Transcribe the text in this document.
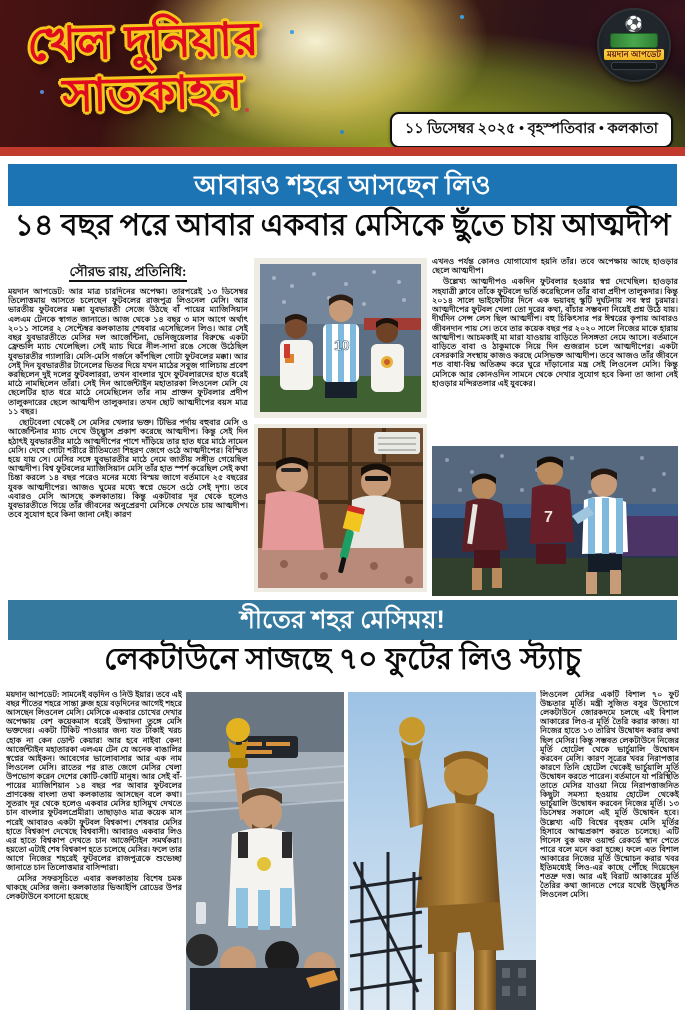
খেল দুনিয়ার
সাতকাহন
⚽
ময়দান আপডেট
১১ ডিসেম্বর ২০২৫ • বৃহস্পতিবার • কলকাতা
আবারও শহরে আসছেন লিও
১৪ বছর পরে আবার একবার মেসিকে ছুঁতে চায় আত্মদীপ
সৌরভ রায়, প্রতিনিধি:

ময়দান আপডেট: আর মাত্র চারদিনের অপেক্ষা। তারপরেই ১৩ ডিসেম্বর তিলোত্তমায় আসতে চলেছেন ফুটবলের রাজপুত্র লিওনেল মেসি। আর ভারতীয় ফুটবলের মক্কা যুবভারতী সেজে উঠছে বাঁ পায়ের ম্যাজিসিয়ান এলএম টেনকে স্বাগত জানাতে। আজ থেকে ১৪ বছর ৩ মাস আগে অর্থাৎ ২০১১ সালের ২ সেপ্টেম্বর কলকাতায় শেষবার এসেছিলেন লিও। আর সেই বছর যুবভারতীতে মেসির দল আর্জেন্টিনা, ভেনিজুয়েলার বিরুদ্ধে একটা ফ্রেন্ডলি ম্যাচ খেলেছিল। সেই ম্যাচ ঘিরে নীল-সাদা রঙে সেজে উঠেছিল যুবভারতীর গ্যালারি। মেসি-মেসি গর্জনে কাঁপছিল গোটা ফুটবলের মক্কা। আর সেই দিন যুবভারতীর টানেলের ভিতর দিয়ে যখন মাঠের সবুজ গালিচায় প্রবেশ করছিলেন দুই দলের ফুটবলাররা, তখন বাংলার খুদে ফুটবলারদের হাত ধরেই মাঠে নামছিলেন তাঁরা। সেই দিন আর্জেন্টাইন মহাতারকা লিওনেল মেসি যে ছেলেটির হাত ধরে মাঠে নেমেছিলেন তাঁর নাম প্রাক্তন ফুটবলার প্রদীপ তালুকদারের ছেলে আত্মদীপ তালুকদার। তখন ছোট আত্মদীপের বয়স মাত্র ১১ বছর।

ছোটবেলা থেকেই সে মেসির খেলার ভক্ত। টিভির পর্দায় বহুবার মেসি ও আর্জেন্টিনার ম্যাচ দেখে উচ্ছ্বাস প্রকাশ করেছে আত্মদীপ। কিন্তু সেই দিন হঠাৎই যুবভারতীর মাঠে আত্মদীপের পাশে দাঁড়িয়ে তার হাত ধরে মাঠে নামেন মেসি। দেখে গোটা শরীরে রীতিমতো শিহরণ জেগে ওঠে আত্মদীপের। বিস্মিত হয়ে যায় সে। মেসির সঙ্গে যুবভারতীর মাঠে নেমে জাতীয় সঙ্গীত গেয়েছিল আত্মদীপ। বিশ্ব ফুটবলের ম্যাজিসিয়ান মেসি তাঁর হাত স্পর্শ করেছিল সেই কথা চিন্তা করলে ১৪ বছর পরেও মনের মধ্যে বিস্ময় জাগে বর্তমানে ২৫ বছরের যুবক আত্মদীপের। আজও ঘুমের মধ্যে স্বপ্নে ভেসে ওঠে সেই দৃশ্য। তবে এবারও মেসি আসছে কলকাতায়। কিন্তু একটাবার দূর থেকে হলেও যুবভারতীতে গিয়ে তাঁর জীবনের অনুপ্রেরণা মেসিকে দেখতে চায় আত্মদীপ। তবে সুযোগ হবে কিনা জানা নেই। কারণ

10

এখনও পর্যন্ত কোনও যোগাযোগ হয়নি তাঁর। তবে অপেক্ষায় আছে হাওড়ার ছেলে আত্মদীপ।

উল্লেখ্য আত্মদীপও একদিন ফুটবলার হওয়ার স্বপ্ন দেখেছিল। হাওড়ার সহযাত্রী ক্লাবে তাঁকে ফুটবলে ভর্তি করেছিলেন তাঁর বাবা প্রদীপ তালুকদার। কিন্তু ২০১৪ সালে ভাইফোঁটার দিনে এক ভয়াবহ স্কুটি দুর্ঘটনায় সব স্বপ্ন চুরমার। আত্মদীপের ফুটবল খেলা তো দূরের কথা, বাঁচার সম্ভবনা নিয়েই প্রশ্ন উঠে যায়। দীর্ঘদিন সেন্স লেস ছিল আত্মদীপ। বহু চিকিৎসার পর ঈশ্বরের কৃপায় আবারও জীবনদান পায় সে। তবে তার কয়েক বছর পর ২০২০ সালে নিজের মাকে হারায় আত্মদীপ। আচমকাই মা মারা যাওয়ায় বাড়িতে নিসঙ্গতা নেমে আসে। বর্তমানে বাড়িতে বাবা ও ঠাকুমাকে নিয়ে দিন গুজরান চলে আত্মদীপের। একটা বেসরকারি সংস্থায় কাজও করছে মেসিভক্ত আত্মদীপ। তবে আজও তাঁর জীবনে শত বাধা-বিঘ্ন অতিক্রম করে ঘুরে দাঁড়ানোর মন্ত্র সেই লিওনেল মেসি। কিন্তু মেসিকে আর কোনওদিন সামনে থেকে দেখার সুযোগ হবে কিনা তা জানা নেই হাওড়ার মন্দিরতলার এই যুবকের।

7
শীতের শহর মেসিময়!
লেকটাউনে সাজছে ৭০ ফুটের লিও স্ট্যাচু

ময়দান আপডেট: সামনেই বড়দিন ও নিউ ইয়ার। তবে এই বছর শীতের শহরে সান্তা ক্লজ হয়ে বড়দিনের আগেই শহরে আসছেন লিওনেল মেসি। মেসিকে একবার চোখের দেখার অপেক্ষায় বেশ কয়েকমাস ধরেই উন্মাদনা তুঙ্গে মেসি ভক্তদের। একটা টিকিট পাওয়ার জন্য যত টাকাই খরচ হোক না কেন ডোন্ট কেয়ার! আর হবে নাইবা কেন! আর্জেন্টাইন মহাতারকা এলএম টেন যে অনেক বাঙালির স্বপ্নের আইকন। আবেগের ভালোবাসার আর এক নাম লিওনেল মেসি। রাতের পর রাত জেগে মেসির খেলা উপভোগ করেন দেশের কোটি-কোটি মানুষ। আর সেই বাঁ-পায়ের ম্যাজিশিয়ান ১৪ বছর পর আবার ফুটবলের প্রাণকেন্দ্র বাংলা তথা কলকাতায় আসছেন বলে কথা। সুতরাং দূর থেকে হলেও একবার মেসির হাসিমুখ দেখতে চান বাংলার ফুটবলপ্রেমীরা। তাছাড়াও মাত্র কয়েক মাস পরেই আবারও একটা ফুটবল বিশ্বকাপ। শেষবার মেসির হাতে বিশ্বকাপ দেখেছে বিশ্ববাসী। আবারও একবার লিও এর হাতে বিশ্বকাপ দেখতে চান আর্জেন্টাইন সমর্থকরা। হয়তো এটাই শেষ বিশ্বকাপ হতে চলেছে মেসির। ফলে তার আগে নিজের শহরেই ফুটবলের রাজপুত্রকে শুভেচ্ছা জানাতে চান তিলোত্তমার বাসিন্দারা।

মেসির সফরসূচিতে এবার কলকাতায় বিশেষ চমক থাকছে মেসির জন্য। কলকাতার ভিআইপি রোডের উপর লেকটাউনে বসানো হয়েছে

লিওনেল মেসির একটি বিশাল ৭০ ফুট উচ্চতার মূর্তি। মন্ত্রী সুজিত বসুর উদ্যোগে লেকটাউনে জোরকদমে চলছে এই বিশাল আকারের লিও-র মূর্তি তৈরি করার কাজ। যা নিজের হাতে ১৩ তারিখ উদ্বোধন করার কথা ছিল মেসির। কিন্তু সম্ভবত লেকটাউনে নিজের মূর্তি হোটেল থেকে ভার্চুয়ালি উদ্বোধন করবেন মেসি। কারণ সূত্রের খবর নিরাপত্তার কারণে তিনি হোটেল থেকেই ভার্চুয়ালি মূর্তি উদ্বোধন করতে পারেন। বর্তমানে যা পরিস্থিতি তাতে মেসির যাওয়া নিয়ে নিরাপত্তাজনিত কিছুটা সমস্যা হওয়ায় হোটেল থেকেই ভার্চুয়ালি উদ্বোধন করবেন নিজের মূর্তি। ১৩ ডিসেম্বর সকালে এই মূর্তি উদ্বোধন হবে। উল্লেখ্য এটি বিশ্বের বৃহত্তম মেসি মূর্তির হিসাবে আত্মপ্রকাশ করতে চলেছে। এটি গিনেস বুক অফ ওয়ার্ল্ড রেকর্ডে স্থান পেতে পারে বলে মনে করা হচ্ছে। ফলে এত বিশাল আকারের নিজের মূর্তি উন্মোচন করার খবর ইতিমধ্যেই লিও-এর কাছে পৌঁছে দিয়েছেন শতদ্রু দত্ত। আর এই বিরাট আকারের মূর্তি তৈরির কথা জানতে পেরে যথেষ্ট উচ্ছ্বসিত লিওনেল মেসি।
